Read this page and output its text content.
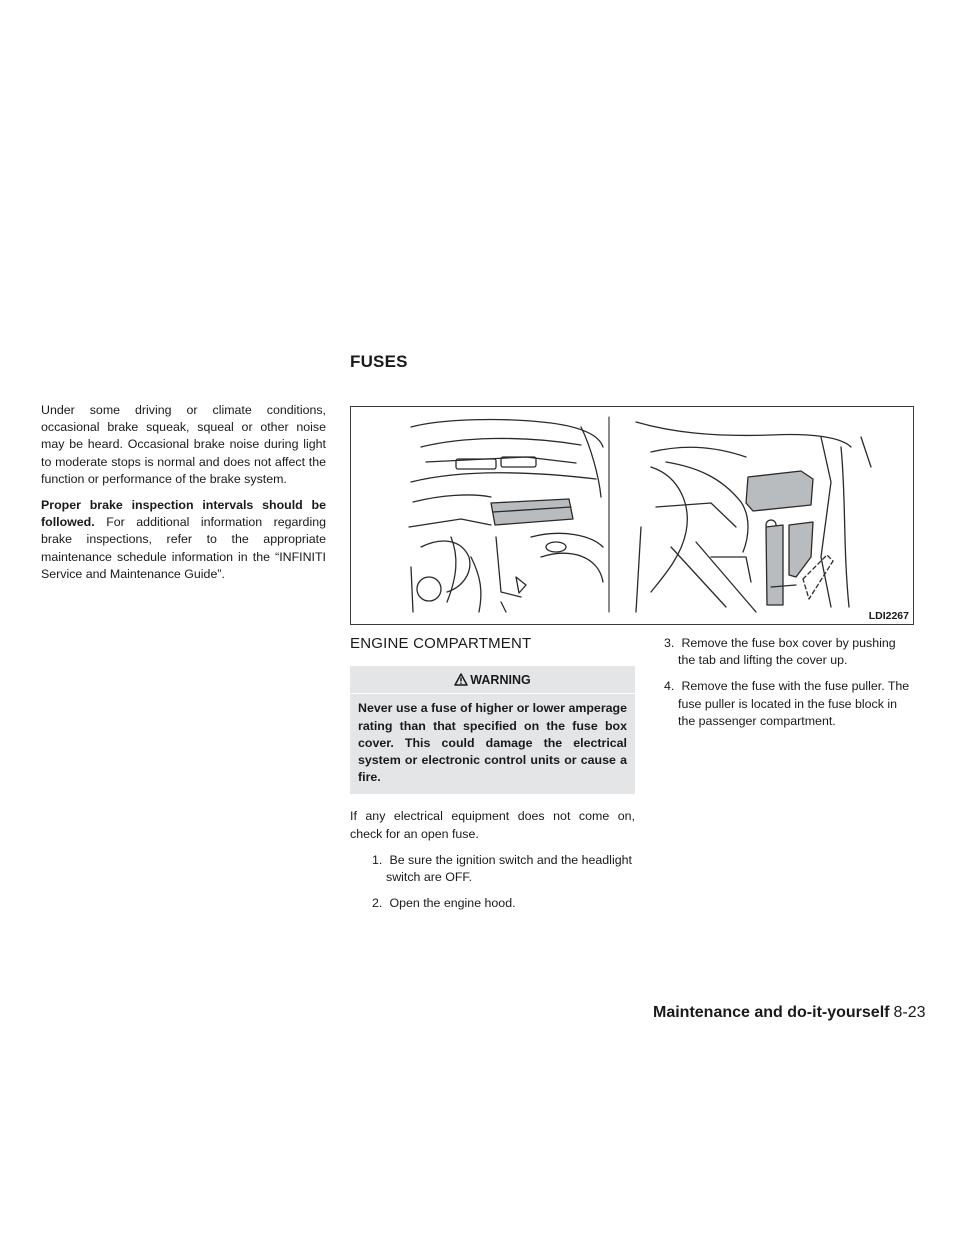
FUSES

Under some driving or climate conditions, occasional brake squeak, squeal or other noise may be heard. Occasional brake noise during light to moderate stops is normal and does not affect the function or performance of the brake system.

Proper brake inspection intervals should be followed. For additional information regarding brake inspections, refer to the appropriate maintenance schedule information in the “INFINITI Service and Maintenance Guide”.

LDI2267
ENGINE COMPARTMENT
WARNING
Never use a fuse of higher or lower amperage rating than that specified on the fuse box cover. This could damage the electrical system or electronic control units or cause a fire.

If any electrical equipment does not come on, check for an open fuse.

1. Be sure the ignition switch and the headlight switch are OFF.
2. Open the engine hood.
3. Remove the fuse box cover by pushing the tab and lifting the cover up.
4. Remove the fuse with the fuse puller. The fuse puller is located in the fuse block in the passenger compartment.
Maintenance and do-it-yourself 8-23
